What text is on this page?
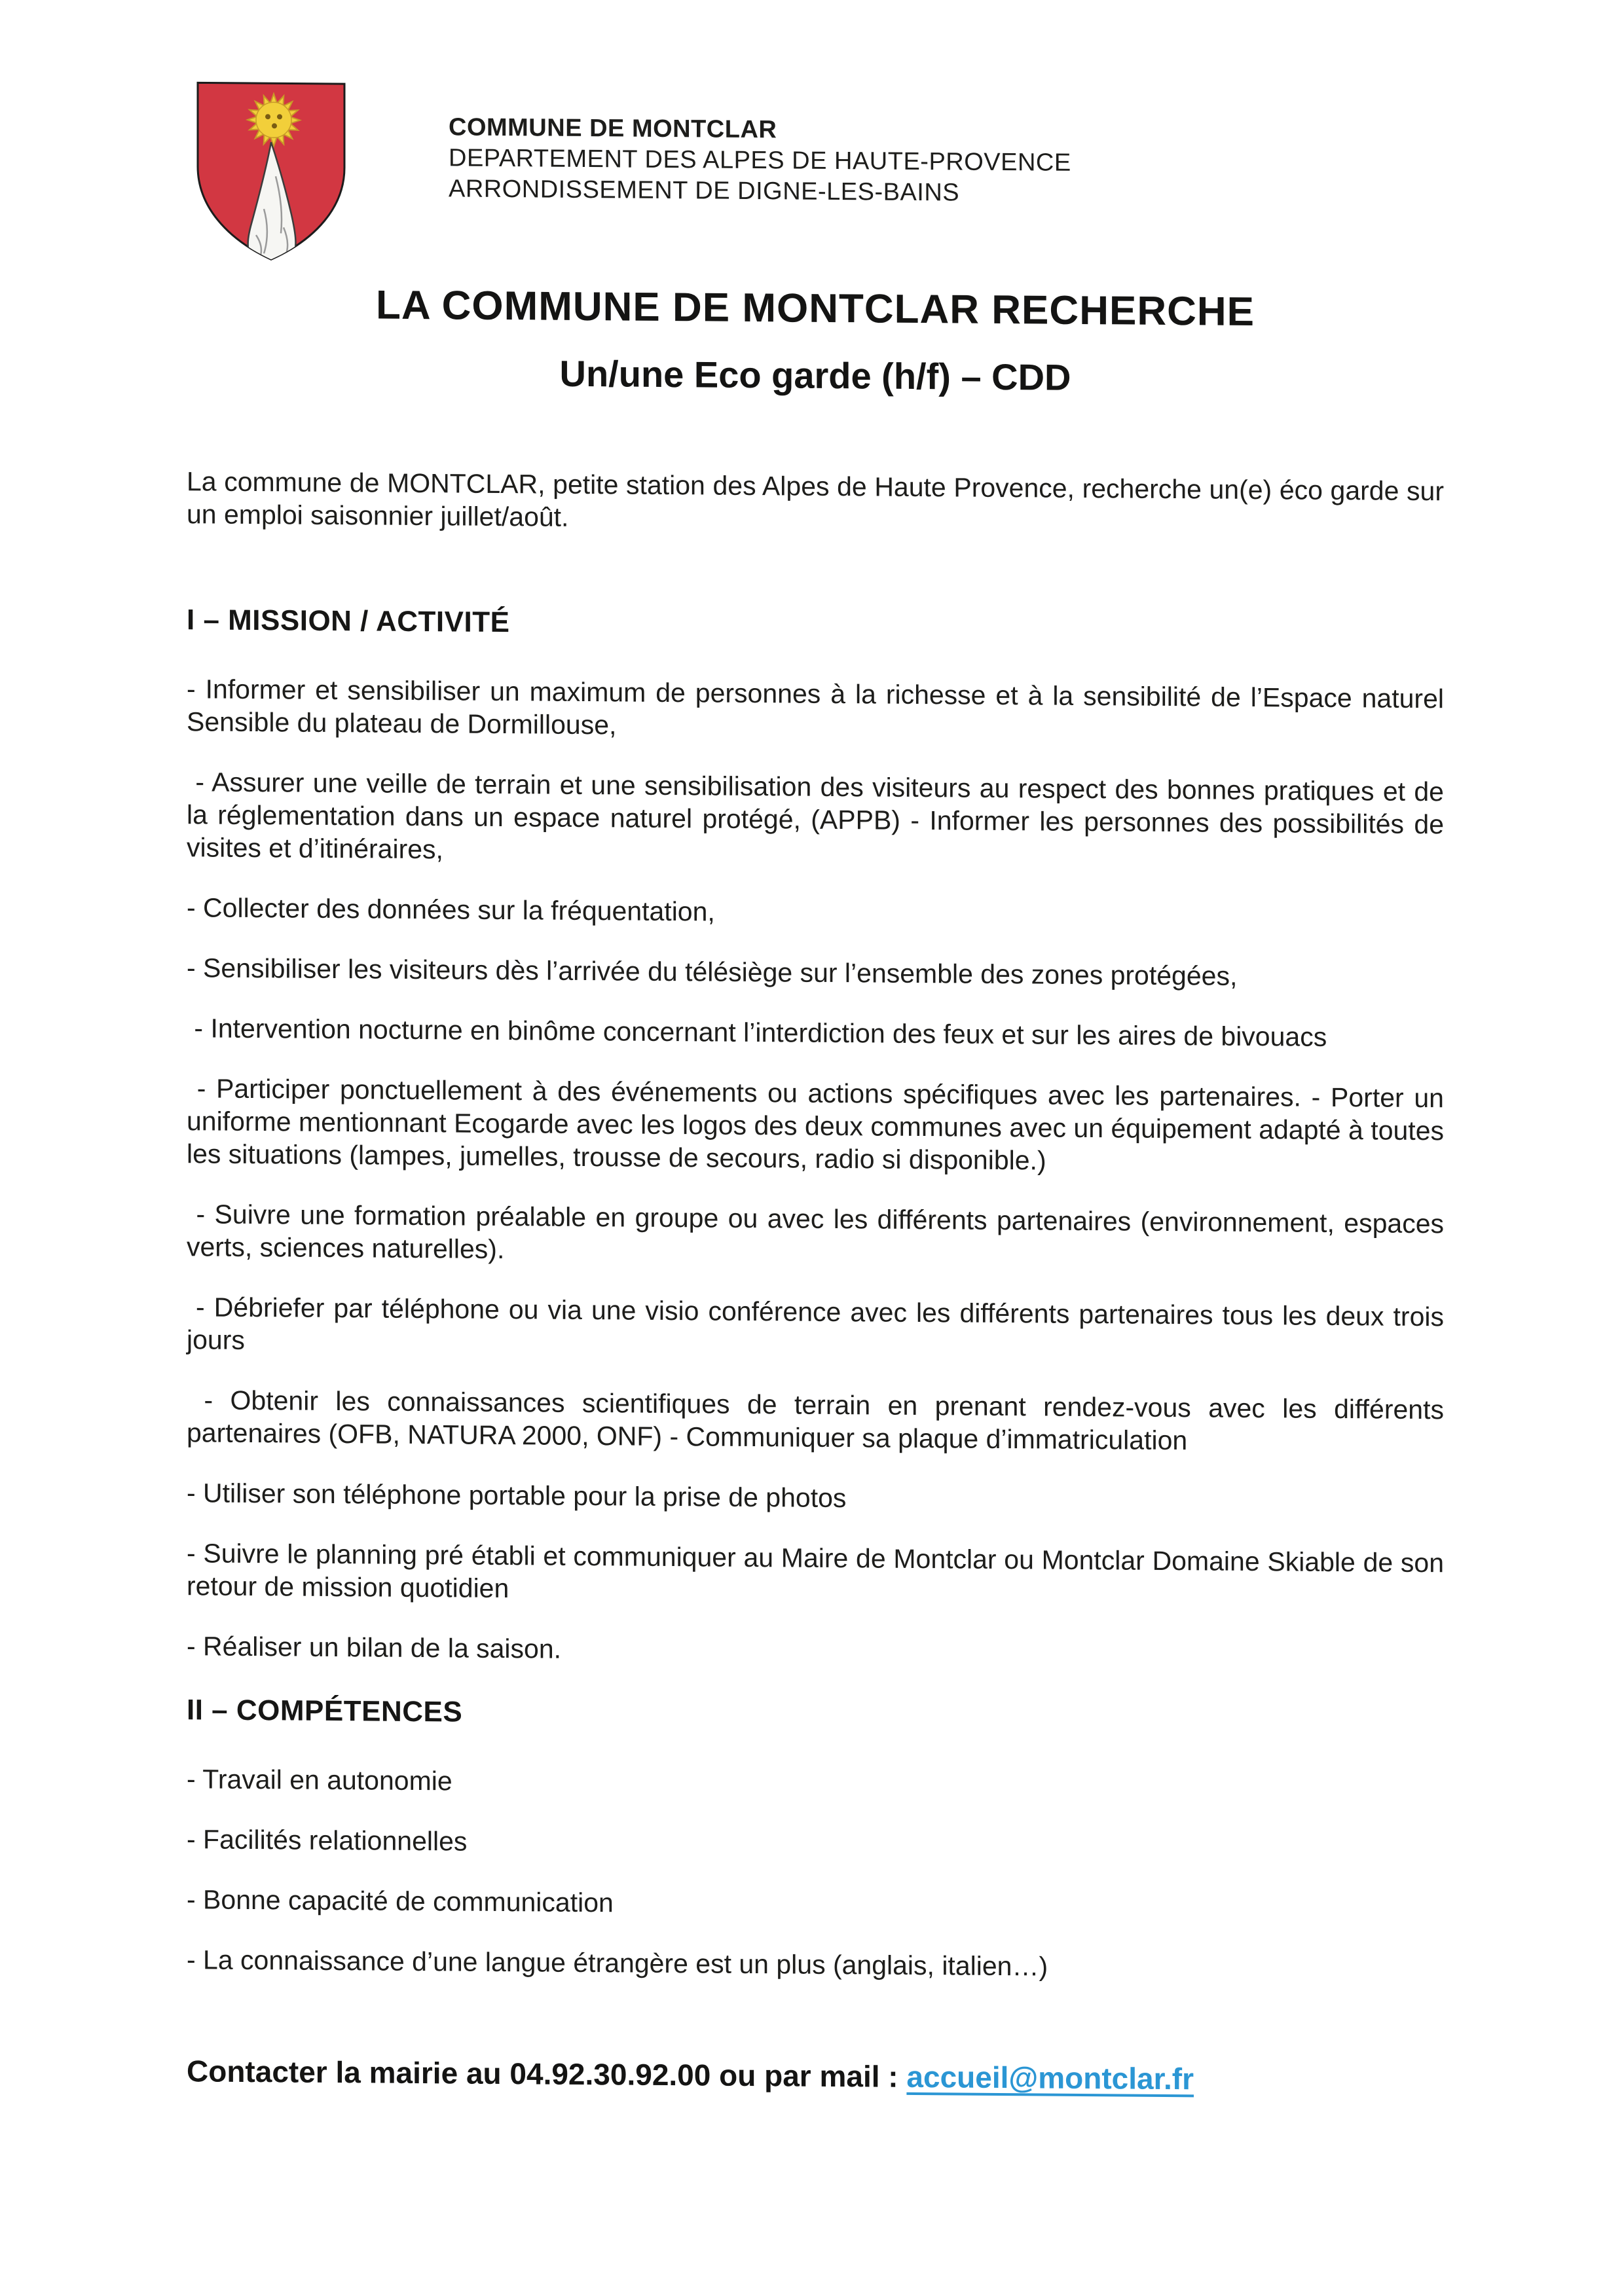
COMMUNE DE MONTCLAR
DEPARTEMENT DES ALPES DE HAUTE-PROVENCE
ARRONDISSEMENT DE DIGNE-LES-BAINS
LA COMMUNE DE MONTCLAR RECHERCHE
Un/une Eco garde (h/f) – CDD

La commune de MONTCLAR, petite station des Alpes de Haute Provence, recherche un(e) éco garde sur un emploi saisonnier juillet/août.

I – MISSION / ACTIVITÉ

- Informer et sensibiliser un maximum de personnes à la richesse et à la sensibilité de l’Espace naturel Sensible du plateau de Dormillouse,

- Assurer une veille de terrain et une sensibilisation des visiteurs au respect des bonnes pratiques et de la réglementation dans un espace naturel protégé, (APPB) - Informer les personnes des possibilités de visites et d’itinéraires,

- Collecter des données sur la fréquentation,

- Sensibiliser les visiteurs dès l’arrivée du télésiège sur l’ensemble des zones protégées,

- Intervention nocturne en binôme concernant l’interdiction des feux et sur les aires de bivouacs

- Participer ponctuellement à des événements ou actions spécifiques avec les partenaires. - Porter un uniforme mentionnant Ecogarde avec les logos des deux communes avec un équipement adapté à toutes les situations (lampes, jumelles, trousse de secours, radio si disponible.)

- Suivre une formation préalable en groupe ou avec les différents partenaires (environnement, espaces verts, sciences naturelles).

- Débriefer par téléphone ou via une visio conférence avec les différents partenaires tous les deux trois jours

- Obtenir les connaissances scientifiques de terrain en prenant rendez-vous avec les différents partenaires (OFB, NATURA 2000, ONF) - Communiquer sa plaque d’immatriculation

- Utiliser son téléphone portable pour la prise de photos

- Suivre le planning pré établi et communiquer au Maire de Montclar ou Montclar Domaine Skiable de son retour de mission quotidien

- Réaliser un bilan de la saison.

II – COMPÉTENCES

- Travail en autonomie

- Facilités relationnelles

- Bonne capacité de communication

- La connaissance d’une langue étrangère est un plus (anglais, italien…)

Contacter la mairie au 04.92.30.92.00 ou par mail : accueil@montclar.fr
